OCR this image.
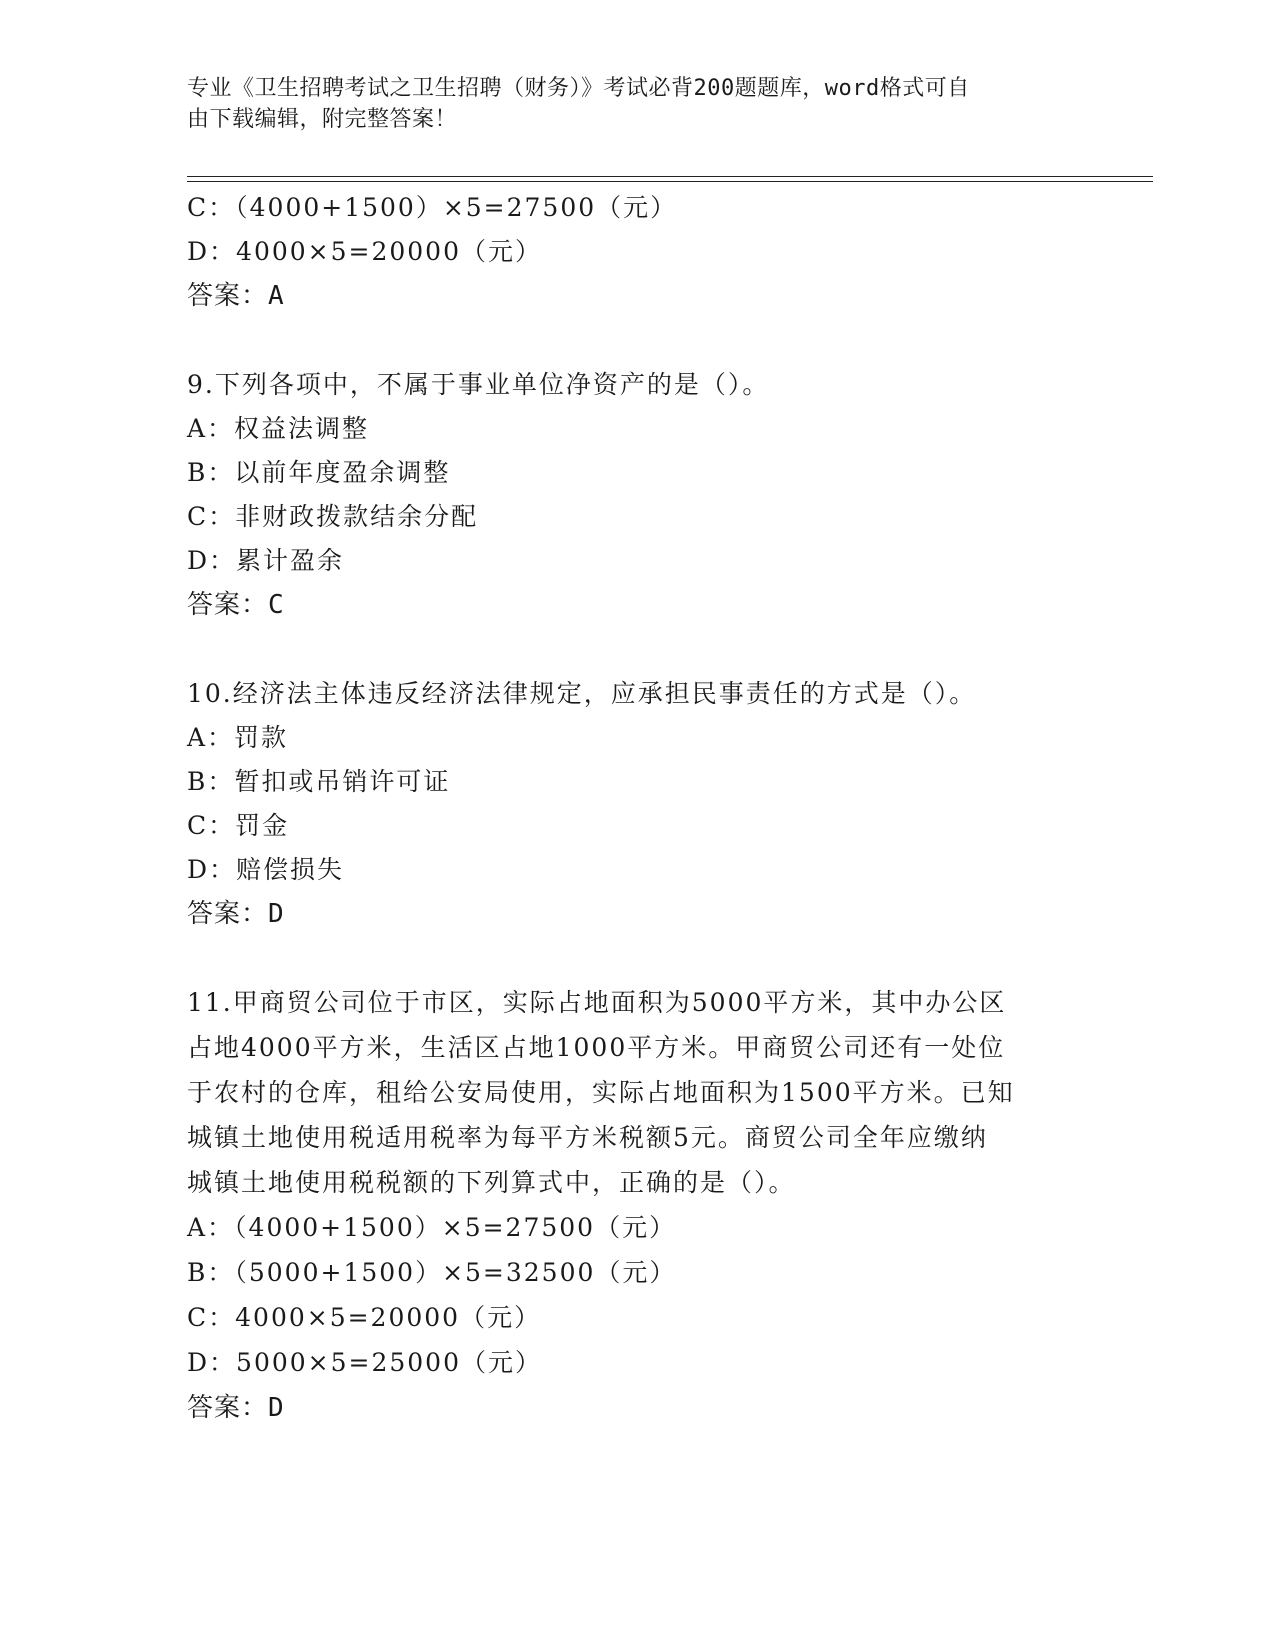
专业《卫生招聘考试之卫生招聘（财务）》考试必背200题题库，word格式可自
由下载编辑，附完整答案！
C：（4000+1500）×5=27500（元）
D：4000×5=20000（元）
答案：A
9.下列各项中，不属于事业单位净资产的是（）。
A：权益法调整
B：以前年度盈余调整
C：非财政拨款结余分配
D：累计盈余
答案：C
10.经济法主体违反经济法律规定，应承担民事责任的方式是（）。
A：罚款
B：暂扣或吊销许可证
C：罚金
D：赔偿损失
答案：D
11.甲商贸公司位于市区，实际占地面积为5000平方米，其中办公区
占地4000平方米，生活区占地1000平方米。甲商贸公司还有一处位
于农村的仓库，租给公安局使用，实际占地面积为1500平方米。已知
城镇土地使用税适用税率为每平方米税额5元。商贸公司全年应缴纳
城镇土地使用税税额的下列算式中，正确的是（）。
A：（4000+1500）×5=27500（元）
B：（5000+1500）×5=32500（元）
C：4000×5=20000（元）
D：5000×5=25000（元）
答案：D
